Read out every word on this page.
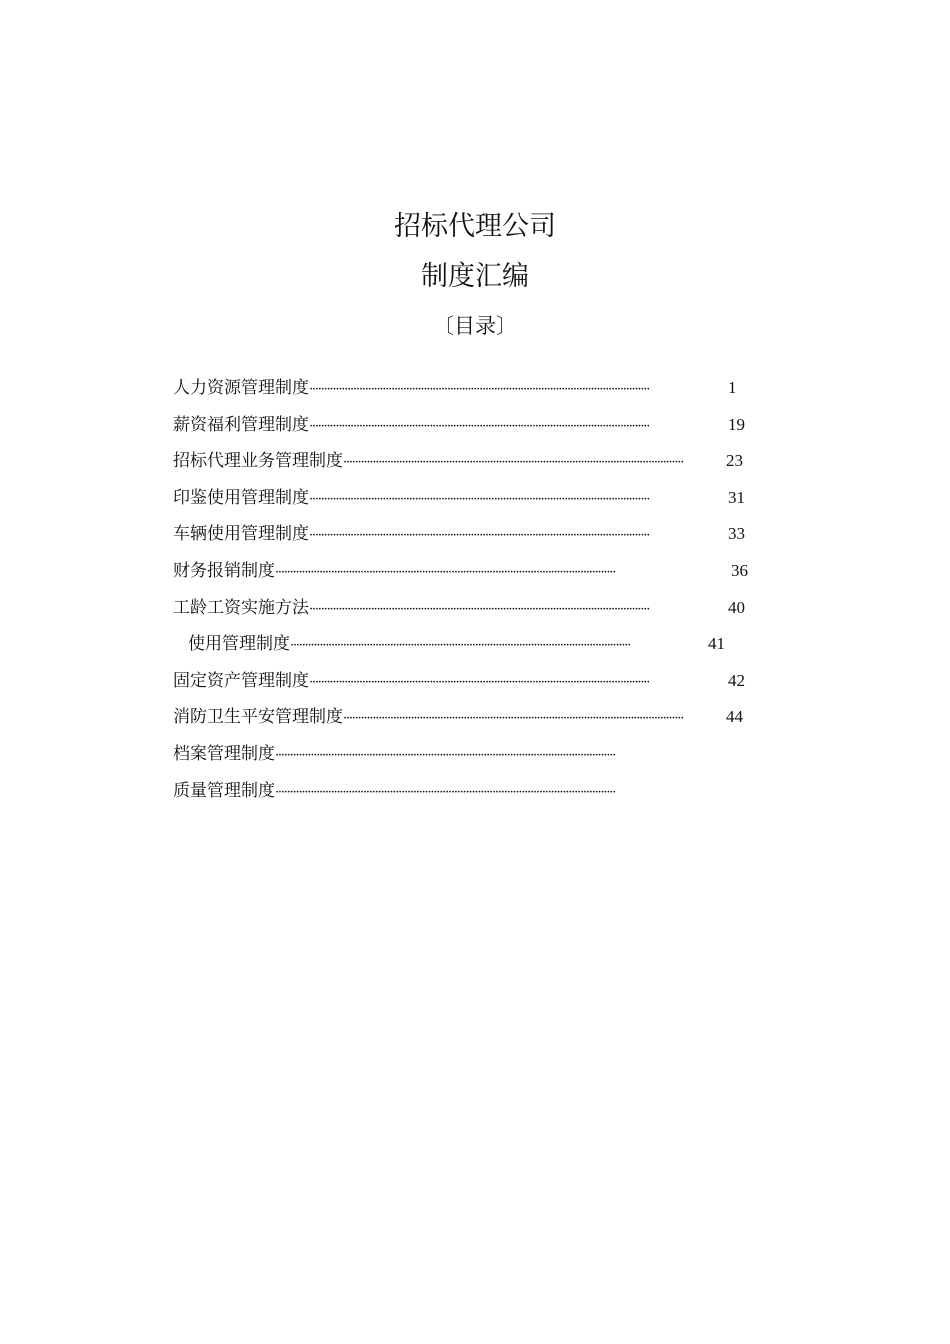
招标代理公司
制度汇编
〔目录〕
人力资源管理制度 ····················································································································	1
薪资福利管理制度 ····················································································································	19
招标代理业务管理制度 ····················································································································	23
印鉴使用管理制度 ····················································································································	31
车辆使用管理制度 ····················································································································	33
财务报销制度 ····················································································································	36
工龄工资实施方法 ····················································································································	40
使用管理制度 ····················································································································	41
固定资产管理制度 ····················································································································	42
消防卫生平安管理制度 ····················································································································	44
档案管理制度 ····················································································································
质量管理制度 ····················································································································
